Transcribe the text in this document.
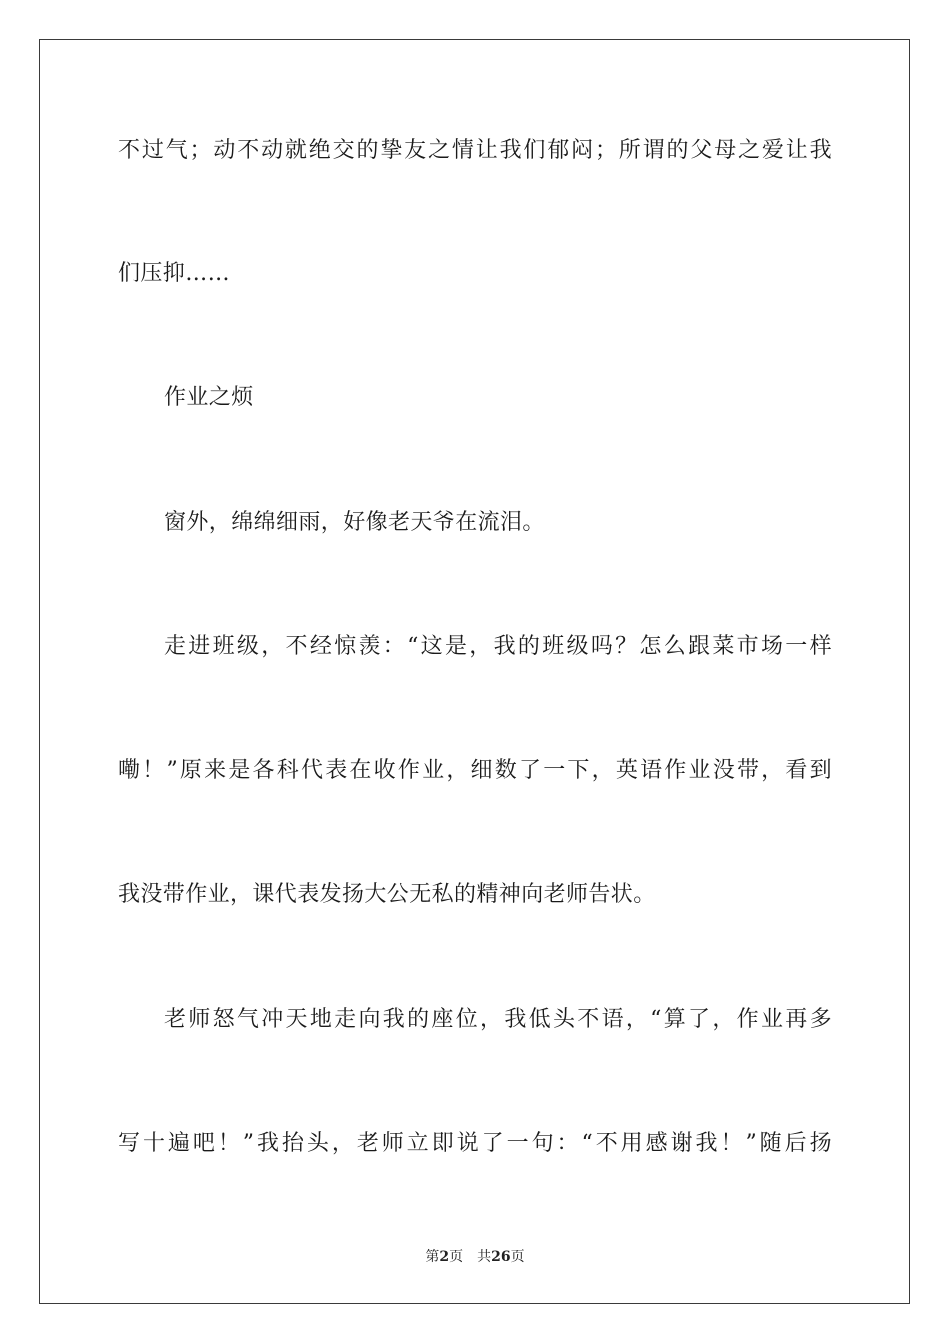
不过气；动不动就绝交的挚友之情让我们郁闷；所谓的父母之爱让我
们压抑……
作业之烦
窗外，绵绵细雨，好像老天爷在流泪。
走进班级，不经惊羡：“这是，我的班级吗？怎么跟菜市场一样
嘞！”原来是各科代表在收作业，细数了一下，英语作业没带，看到
我没带作业，课代表发扬大公无私的精神向老师告状。
老师怒气冲天地走向我的座位，我低头不语，“算了，作业再多
写十遍吧！”我抬头，老师立即说了一句：“不用感谢我！”随后扬
第2页 共26页
